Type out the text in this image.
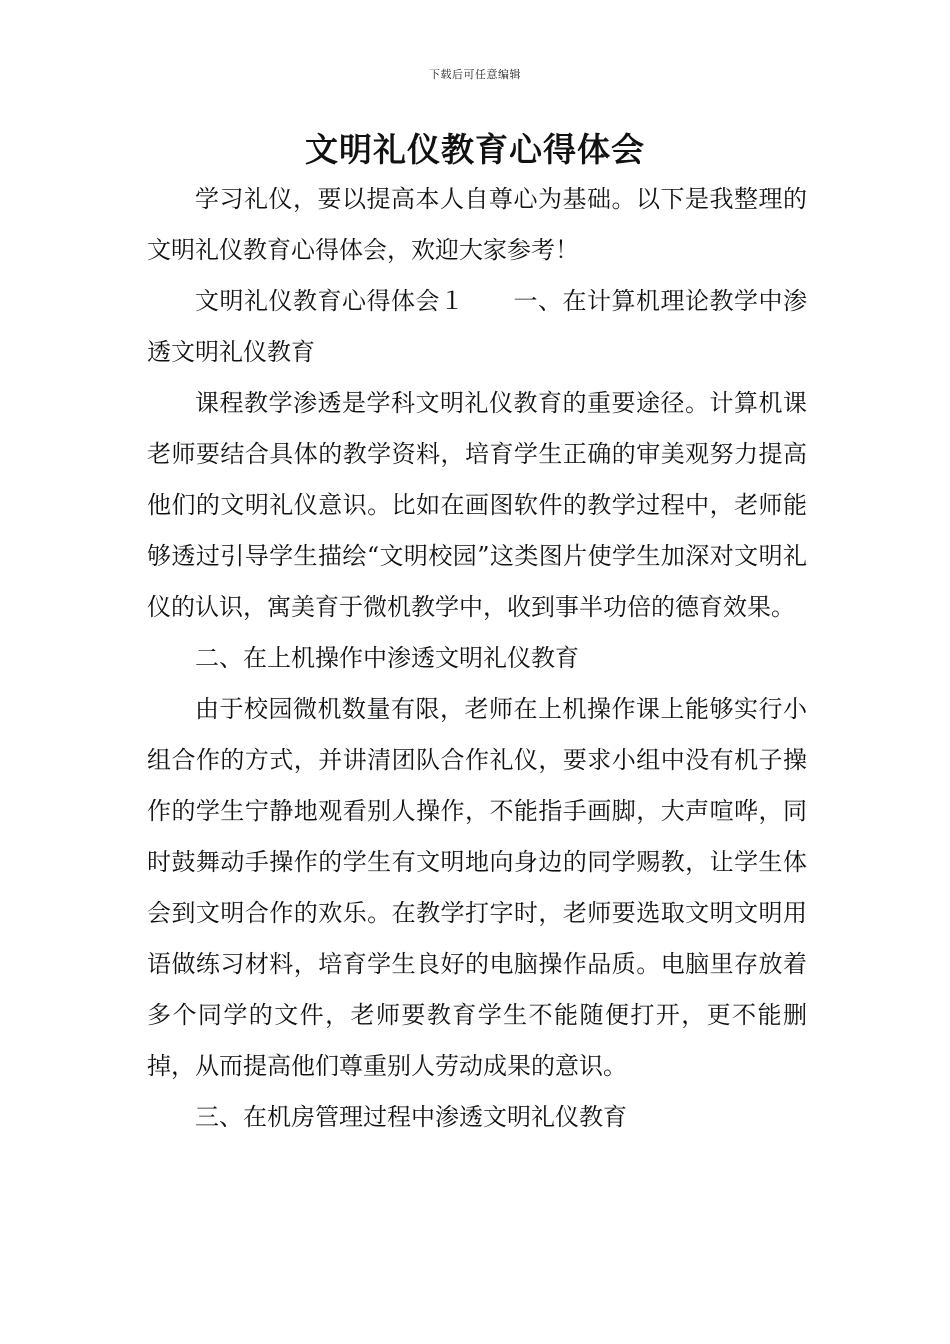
下载后可任意编辑
文明礼仪教育心得体会

学习礼仪，要以提高本人自尊心为基础。以下是我整理的文明礼仪教育心得体会，欢迎大家参考！

文明礼仪教育心得体会１　　一、在计算机理论教学中渗透文明礼仪教育

课程教学渗透是学科文明礼仪教育的重要途径。计算机课老师要结合具体的教学资料，培育学生正确的审美观努力提高他们的文明礼仪意识。比如在画图软件的教学过程中，老师能够透过引导学生描绘“文明校园”这类图片使学生加深对文明礼仪的认识，寓美育于微机教学中，收到事半功倍的德育效果。

二、在上机操作中渗透文明礼仪教育

由于校园微机数量有限，老师在上机操作课上能够实行小组合作的方式，并讲清团队合作礼仪，要求小组中没有机子操作的学生宁静地观看别人操作，不能指手画脚，大声喧哗，同时鼓舞动手操作的学生有文明地向身边的同学赐教，让学生体会到文明合作的欢乐。在教学打字时，老师要选取文明文明用语做练习材料，培育学生良好的电脑操作品质。电脑里存放着多个同学的文件，老师要教育学生不能随便打开，更不能删掉，从而提高他们尊重别人劳动成果的意识。

三、在机房管理过程中渗透文明礼仪教育
